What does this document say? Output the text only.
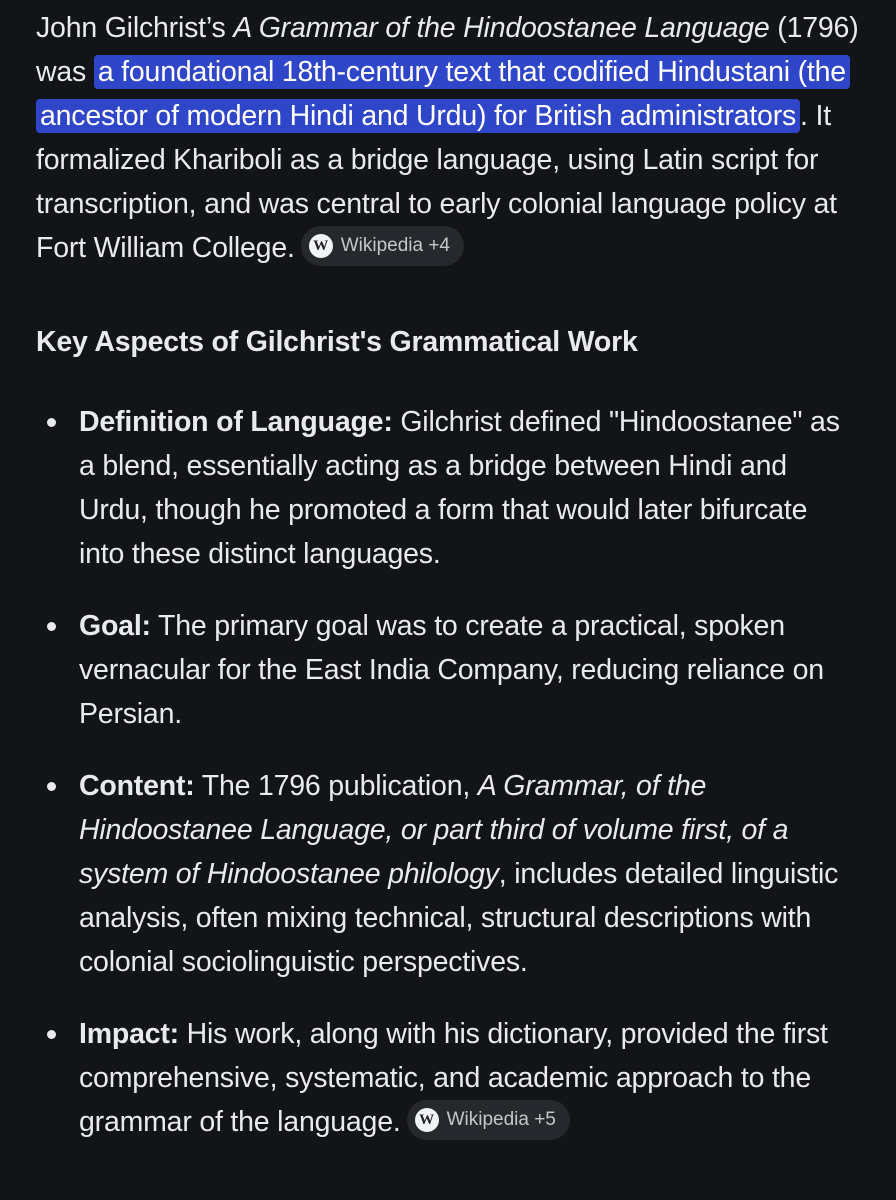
John Gilchrist’s A Grammar of the Hindoostanee Language (1796) was a foundational 18th-century text that codified Hindustani (the ancestor of modern Hindi and Urdu) for British administrators . It formalized Khariboli as a bridge language, using Latin script for transcription, and was central to early colonial language policy at Fort William College.	W Wikipedia +4

Key Aspects of Gilchrist's Grammatical Work
Definition of Language: Gilchrist defined "Hindoostanee" as a blend, essentially acting as a bridge between Hindi and Urdu, though he promoted a form that would later bifurcate into these distinct languages.
Goal: The primary goal was to create a practical, spoken vernacular for the East India Company, reducing reliance on Persian.
Content: The 1796 publication, A Grammar, of the Hindoostanee Language, or part third of volume first, of a system of Hindoostanee philology, includes detailed linguistic analysis, often mixing technical, structural descriptions with colonial sociolinguistic perspectives.
Impact: His work, along with his dictionary, provided the first comprehensive, systematic, and academic approach to the grammar of the language.	W Wikipedia +5
